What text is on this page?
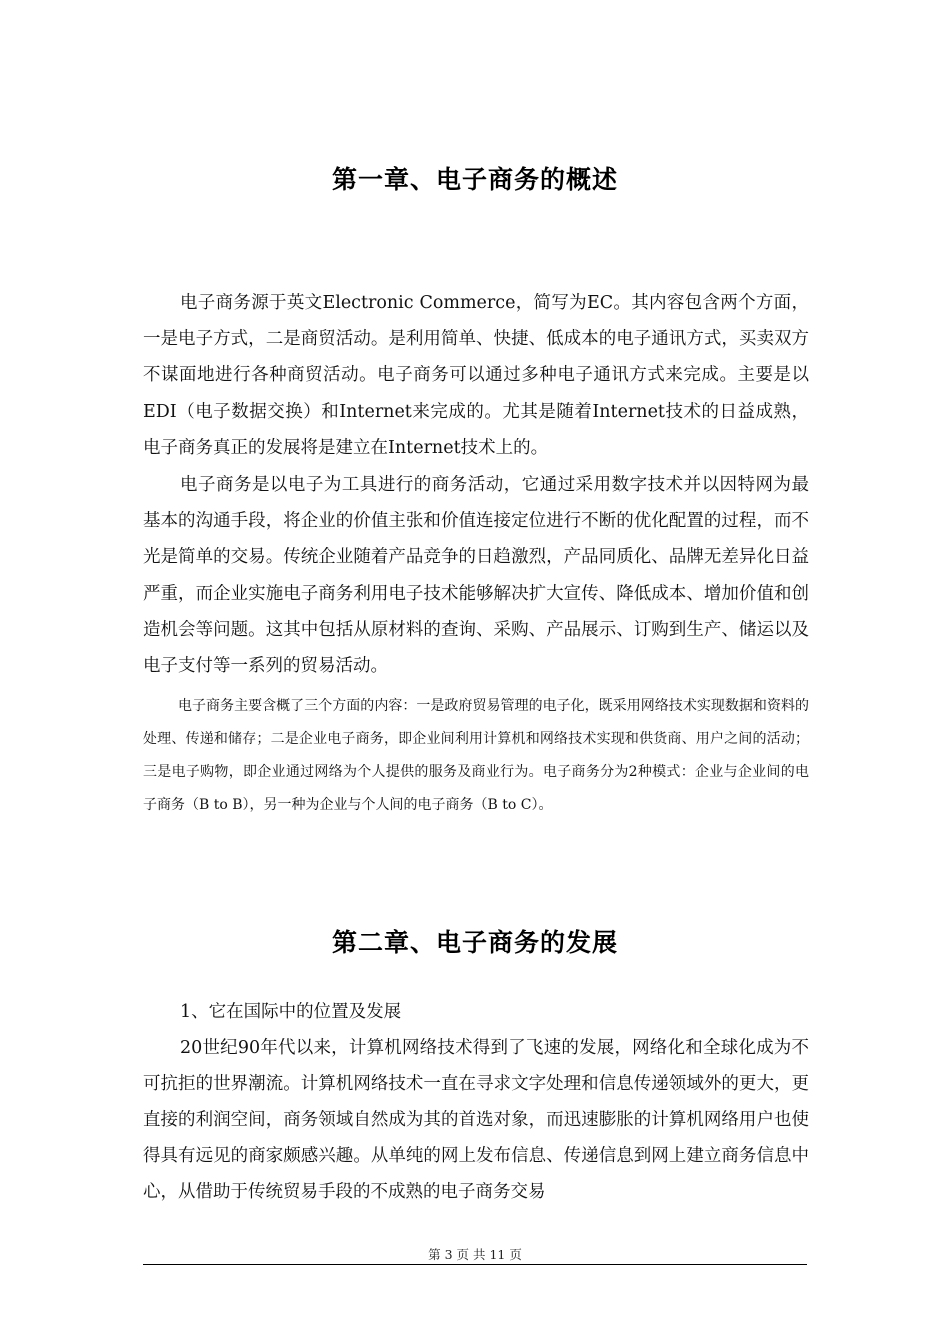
第一章、电子商务的概述

电子商务源于英文Electronic Commerce，简写为EC。其内容包含两个方面，一是电子方式，二是商贸活动。是利用简单、快捷、低成本的电子通讯方式，买卖双方不谋面地进行各种商贸活动。电子商务可以通过多种电子通讯方式来完成。主要是以EDI（电子数据交换）和Internet来完成的。尤其是随着Internet技术的日益成熟，电子商务真正的发展将是建立在Internet技术上的。

电子商务是以电子为工具进行的商务活动，它通过采用数字技术并以因特网为最基本的沟通手段，将企业的价值主张和价值连接定位进行不断的优化配置的过程，而不光是简单的交易。传统企业随着产品竞争的日趋激烈，产品同质化、品牌无差异化日益严重，而企业实施电子商务利用电子技术能够解决扩大宣传、降低成本、增加价值和创造机会等问题。这其中包括从原材料的查询、采购、产品展示、订购到生产、储运以及电子支付等一系列的贸易活动。

电子商务主要含概了三个方面的内容：一是政府贸易管理的电子化，既采用网络技术实现数据和资料的处理、传递和储存；二是企业电子商务，即企业间利用计算机和网络技术实现和供货商、用户之间的活动；三是电子购物，即企业通过网络为个人提供的服务及商业行为。电子商务分为2种模式：企业与企业间的电子商务（B to B），另一种为企业与个人间的电子商务（B to C）。

第二章、电子商务的发展

1、它在国际中的位置及发展

20世纪90年代以来，计算机网络技术得到了飞速的发展，网络化和全球化成为不可抗拒的世界潮流。计算机网络技术一直在寻求文字处理和信息传递领域外的更大，更直接的利润空间，商务领域自然成为其的首选对象，而迅速膨胀的计算机网络用户也使得具有远见的商家颇感兴趣。从单纯的网上发布信息、传递信息到网上建立商务信息中心，从借助于传统贸易手段的不成熟的电子商务交易

第 3 页 共 11 页
